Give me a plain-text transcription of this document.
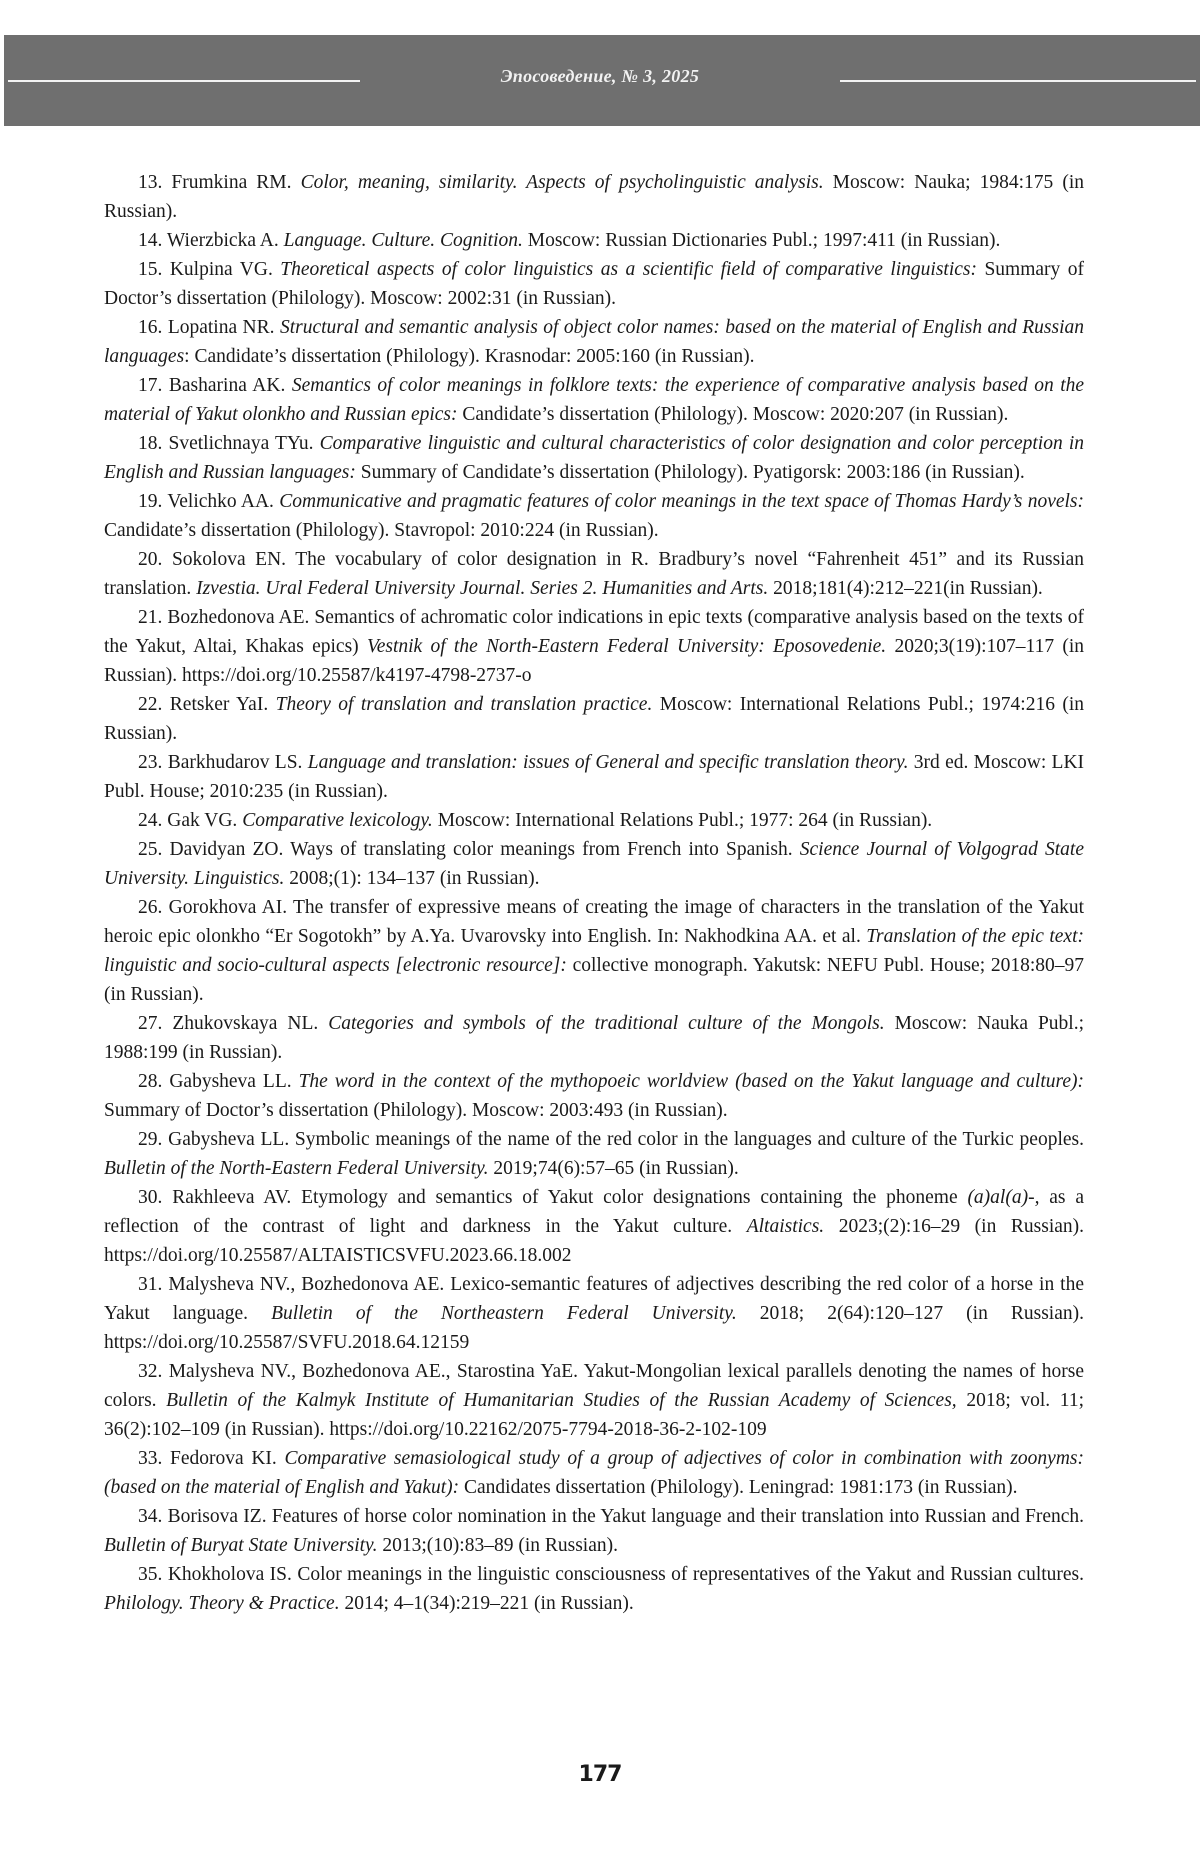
Эпосоведение, № 3, 2025

13. Frumkina RM. Color, meaning, similarity. Aspects of psycholinguistic analysis. Moscow: Nauka; 1984:175 (in Russian).

14. Wierzbicka A. Language. Culture. Cognition. Moscow: Russian Dictionaries Publ.; 1997:411 (in Russian).

15. Kulpina VG. Theoretical aspects of color linguistics as a scientific field of comparative linguistics: Summary of Doctor’s dissertation (Philology). Moscow: 2002:31 (in Russian).

16. Lopatina NR. Structural and semantic analysis of object color names: based on the material of English and Russian languages: Candidate’s dissertation (Philology). Krasnodar: 2005:160 (in Russian).

17. Basharina AK. Semantics of color meanings in folklore texts: the experience of comparative analysis based on the material of Yakut olonkho and Russian epics: Candidate’s dissertation (Philology). Moscow: 2020:207 (in Russian).

18. Svetlichnaya TYu. Comparative linguistic and cultural characteristics of color designation and color perception in English and Russian languages: Summary of Candidate’s dissertation (Philology). Pyatigorsk: 2003:186 (in Russian).

19. Velichko AA. Communicative and pragmatic features of color meanings in the text space of Thomas Hardy’s novels: Candidate’s dissertation (Philology). Stavropol: 2010:224 (in Russian).

20. Sokolova EN. The vocabulary of color designation in R. Bradbury’s novel “Fahrenheit 451” and its Russian translation. Izvestia. Ural Federal University Journal. Series 2. Humanities and Arts. 2018;181(4):212–221(in Russian).

21. Bozhedonova AE. Semantics of achromatic color indications in epic texts (comparative analysis based on the texts of the Yakut, Altai, Khakas epics) Vestnik of the North-Eastern Federal University: Eposovedenie. 2020;3(19):107–117 (in Russian). https://doi.org/10.25587/k4197-4798-2737-o

22. Retsker YaI. Theory of translation and translation practice. Moscow: International Relations Publ.; 1974:216 (in Russian).

23. Barkhudarov LS. Language and translation: issues of General and specific translation theory. 3rd ed. Moscow: LKI Publ. House; 2010:235 (in Russian).

24. Gak VG. Comparative lexicology. Moscow: International Relations Publ.; 1977: 264 (in Russian).

25. Davidyan ZO. Ways of translating color meanings from French into Spanish. Science Journal of Volgograd State University. Linguistics. 2008;(1): 134–137 (in Russian).

26. Gorokhova AI. The transfer of expressive means of creating the image of characters in the translation of the Yakut heroic epic olonkho “Er Sogotokh” by A.Ya. Uvarovsky into English. In: Nakhodkina AA. et al. Translation of the epic text: linguistic and socio-cultural aspects [electronic resource]: collective monograph. Yakutsk: NEFU Publ. House; 2018:80–97 (in Russian).

27. Zhukovskaya NL. Categories and symbols of the traditional culture of the Mongols. Moscow: Nauka Publ.; 1988:199 (in Russian).

28. Gabysheva LL. The word in the context of the mythopoeic worldview (based on the Yakut language and culture): Summary of Doctor’s dissertation (Philology). Moscow: 2003:493 (in Russian).

29. Gabysheva LL. Symbolic meanings of the name of the red color in the languages and culture of the Turkic peoples. Bulletin of the North-Eastern Federal University. 2019;74(6):57–65 (in Russian).

30. Rakhleeva AV. Etymology and semantics of Yakut color designations containing the phoneme (a)al(a)-, as a reflection of the contrast of light and darkness in the Yakut culture. Altaistics. 2023;(2):16–29 (in Russian). https://doi.org/10.25587/ALTAISTICSVFU.2023.66.18.002

31. Malysheva NV., Bozhedonova AE. Lexico-semantic features of adjectives describing the red color of a horse in the Yakut language. Bulletin of the Northeastern Federal University. 2018; 2(64):120–127 (in Russian). https://doi.org/10.25587/SVFU.2018.64.12159

32. Malysheva NV., Bozhedonova AE., Starostina YaE. Yakut-Mongolian lexical parallels denoting the names of horse colors. Bulletin of the Kalmyk Institute of Humanitarian Studies of the Russian Academy of Sciences, 2018; vol. 11; 36(2):102–109 (in Russian). https://doi.org/10.22162/2075-7794-2018-36-2-102-109

33. Fedorova KI. Comparative semasiological study of a group of adjectives of color in combination with zoonyms: (based on the material of English and Yakut): Candidates dissertation (Philology). Leningrad: 1981:173 (in Russian).

34. Borisova IZ. Features of horse color nomination in the Yakut language and their translation into Russian and French. Bulletin of Buryat State University. 2013;(10):83–89 (in Russian).

35. Khokholova IS. Color meanings in the linguistic consciousness of representatives of the Yakut and Russian cultures. Philology. Theory & Practice. 2014; 4–1(34):219–221 (in Russian).

177
